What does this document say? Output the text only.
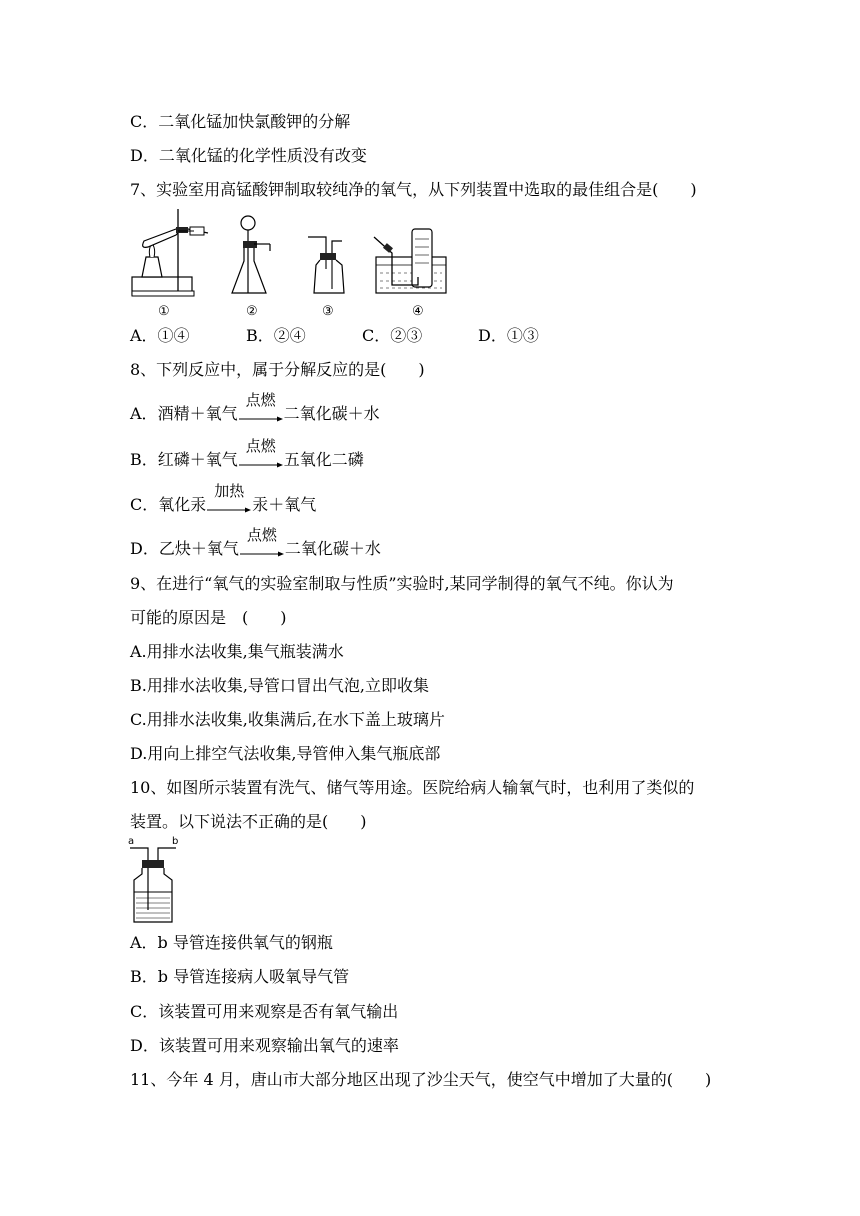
C．二氧化锰加快氯酸钾的分解
D．二氧化锰的化学性质没有改变
7、实验室用高锰酸钾制取较纯净的氧气，从下列装置中选取的最佳组合是(　　)
①	②	③	④
A．①④	B．②④	C．②③	D．①③
8、下列反应中，属于分解反应的是(　　)
A．酒精＋氧气
点燃
二氧化碳＋水
B．红磷＋氧气
点燃
五氧化二磷
C．氧化汞
加热
汞＋氧气
D．乙炔＋氧气
点燃
二氧化碳＋水
9、在进行“氧气的实验室制取与性质”实验时,某同学制得的氧气不纯。你认为
可能的原因是　(　　)
A.用排水法收集,集气瓶装满水
B.用排水法收集,导管口冒出气泡,立即收集
C.用排水法收集,收集满后,在水下盖上玻璃片
D.用向上排空气法收集,导管伸入集气瓶底部
10、如图所示装置有洗气、储气等用途。医院给病人输氧气时，也利用了类似的
装置。以下说法不正确的是(　　)
a	b
A．b 导管连接供氧气的钢瓶
B．b 导管连接病人吸氧导气管
C．该装置可用来观察是否有氧气输出
D．该装置可用来观察输出氧气的速率
11、今年 4 月，唐山市大部分地区出现了沙尘天气，使空气中增加了大量的(　　)
